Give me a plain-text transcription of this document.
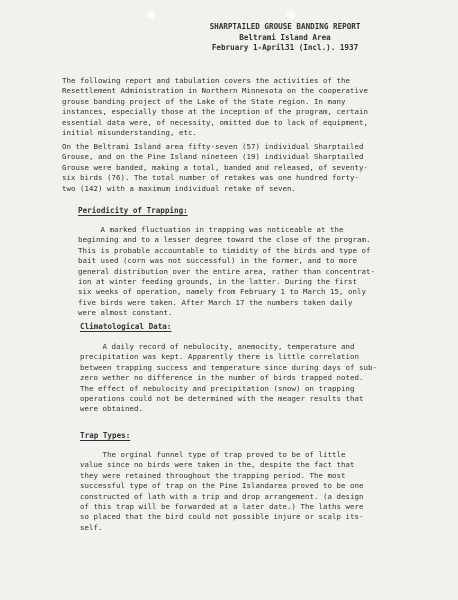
SHARPTAILED GROUSE BANDING REPORT
Beltrami Island Area
February 1-April31 (Incl.). 1937
The following report and tabulation covers the activities of the
Resettlement Administration in Northern Minnesota on the cooperative
grouse banding project of the Lake of the State region. In many
instances, especially those at the inception of the program, certain
essential data were, of necessity, omitted due to lack of equipment,
initial misunderstanding, etc.
On the Beltrami Island area fifty-seven (57) individual Sharptailed
Grouse, and on the Pine Island nineteen (19) individual Sharptailed
Grouse were banded, making a total, banded and released, of seventy-
six birds (76). The total number of retakes was one hundred forty-
two (142) with a maximum individual retake of seven.
Periodicity of Trapping:
A marked fluctuation in trapping was noticeable at the
beginning and to a lesser degree toward the close of the program.
This is probable accountable to timidity of the birds and type of
bait used (corn was not successful) in the former, and to more
general distribution over the entire area, rather than concentrat-
ion at winter feeding grounds, in the latter. During the first
six weeks of operation, namely from February 1 to March 15, only
five birds were taken. After March 17 the numbers taken daily
were almost constant.
Climatological Data:
A daily record of nebulocity, anemocity, temperature and
precipitation was kept. Apparently there is little correlation
between trapping success and temperature since during days of sub-
zero wether no difference in the number of birds trapped noted.
The effect of nebulocity and precipitation (snow) on trapping
operations could not be determined with the meager results that
were obtained.
Trap Types:
The orginal funnel type of trap proved to be of little
value since no birds were taken in the, despite the fact that
they were retained throughout the trapping period. The most
successful type of trap on the Pine Islandarea proved to be one
constructed of lath with a trip and drop arrangement. (a design
of this trap will be forwarded at a later date.) The laths were
so placed that the bird could not possible injure or scalp its-
self.
